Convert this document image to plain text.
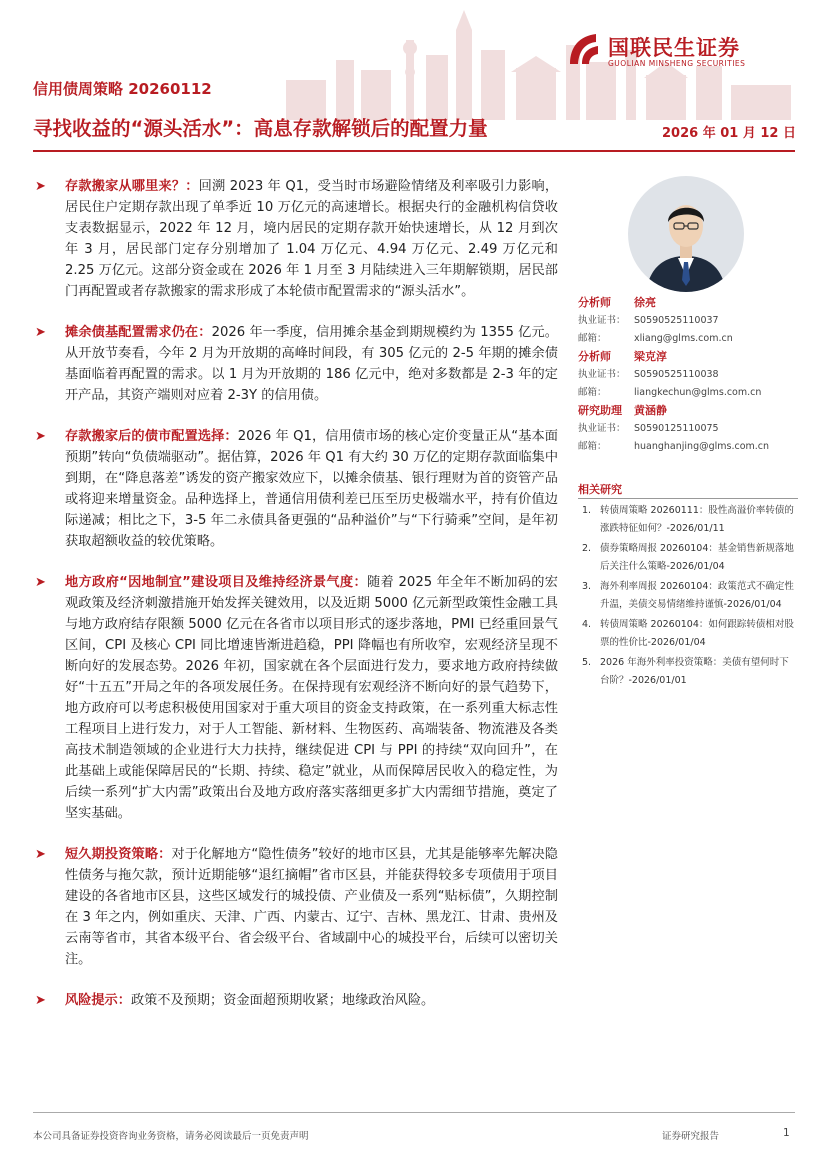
国联民生证券
GUOLIAN MINSHENG SECURITIES
信用债周策略 20260112
寻找收益的“源头活水”：高息存款解锁后的配置力量	2026 年 01 月 12 日
➤ 存款搬家从哪里来？：回溯 2023 年 Q1，受当时市场避险情绪及利率吸引力影响，居民住户定期存款出现了单季近 10 万亿元的高速增长。根据央行的金融机构信贷收支表数据显示，2022 年 12 月，境内居民的定期存款开始快速增长，从 12 月到次年 3 月，居民部门定存分别增加了 1.04 万亿元、4.94 万亿元、2.49 万亿元和 2.25 万亿元。这部分资金或在 2026 年 1 月至 3 月陆续进入三年期解锁期，居民部门再配置或者存款搬家的需求形成了本轮债市配置需求的“源头活水”。
➤ 摊余债基配置需求仍在：2026 年一季度，信用摊余基金到期规模约为 1355 亿元。从开放节奏看，今年 2 月为开放期的高峰时间段，有 305 亿元的 2-5 年期的摊余债基面临着再配置的需求。以 1 月为开放期的 186 亿元中，绝对多数都是 2-3 年的定开产品，其资产端则对应着 2-3Y 的信用债。
➤ 存款搬家后的债市配置选择：2026 年 Q1，信用债市场的核心定价变量正从“基本面预期”转向“负债端驱动”。据估算，2026 年 Q1 有大约 30 万亿的定期存款面临集中到期，在“降息落差”诱发的资产搬家效应下，以摊余债基、银行理财为首的资管产品或将迎来增量资金。品种选择上，普通信用债利差已压至历史极端水平，持有价值边际递减；相比之下，3-5 年二永债具备更强的“品种溢价”与“下行骑乘”空间，是年初获取超额收益的较优策略。
➤ 地方政府“因地制宜”建设项目及维持经济景气度：随着 2025 年全年不断加码的宏观政策及经济刺激措施开始发挥关键效用，以及近期 5000 亿元新型政策性金融工具与地方政府结存限额 5000 亿元在各省市以项目形式的逐步落地，PMI 已经重回景气区间，CPI 及核心 CPI 同比增速皆渐进趋稳，PPI 降幅也有所收窄，宏观经济呈现不断向好的发展态势。2026 年初，国家就在各个层面进行发力，要求地方政府持续做好“十五五”开局之年的各项发展任务。在保持现有宏观经济不断向好的景气趋势下，地方政府可以考虑积极使用国家对于重大项目的资金支持政策，在一系列重大标志性工程项目上进行发力，对于人工智能、新材料、生物医药、高端装备、物流港及各类高技术制造领域的企业进行大力扶持，继续促进 CPI 与 PPI 的持续“双向回升”，在此基础上或能保障居民的“长期、持续、稳定”就业，从而保障居民收入的稳定性，为后续一系列“扩大内需”政策出台及地方政府落实落细更多扩大内需细节措施，奠定了坚实基础。
➤ 短久期投资策略：对于化解地方“隐性债务”较好的地市区县，尤其是能够率先解决隐性债务与拖欠款，预计近期能够“退红摘帽”省市区县，并能获得较多专项债用于项目建设的各省地市区县，这些区域发行的城投债、产业债及一系列“贴标债”，久期控制在 3 年之内，例如重庆、天津、广西、内蒙古、辽宁、吉林、黑龙江、甘肃、贵州及云南等省市，其省本级平台、省会级平台、省域副中心的城投平台，后续可以密切关注。
➤ 风险提示：政策不及预期；资金面超预期收紧；地缘政治风险。
分析师 徐亮
执业证书： S0590525110037
邮箱：	xliang@glms.com.cn
分析师 梁克淳
执业证书： S0590525110038
邮箱：	liangkechun@glms.com.cn
研究助理 黄涵静
执业证书： S0590125110075
邮箱：	huanghanjing@glms.com.cn
相关研究
1. 转债周策略 20260111：股性高溢价率转债的涨跌特征如何？-2026/01/11
2. 债券策略周报 20260104：基金销售新规落地后关注什么策略-2026/01/04
3. 海外利率周报 20260104：政策范式不确定性升温，美债交易情绪维持谨慎-2026/01/04
4. 转债周策略 20260104：如何跟踪转债相对股票的性价比-2026/01/04
5. 2026 年海外利率投资策略：美债有望何时下台阶？-2026/01/01
本公司具备证券投资咨询业务资格，请务必阅读最后一页免责声明	证券研究报告	1
